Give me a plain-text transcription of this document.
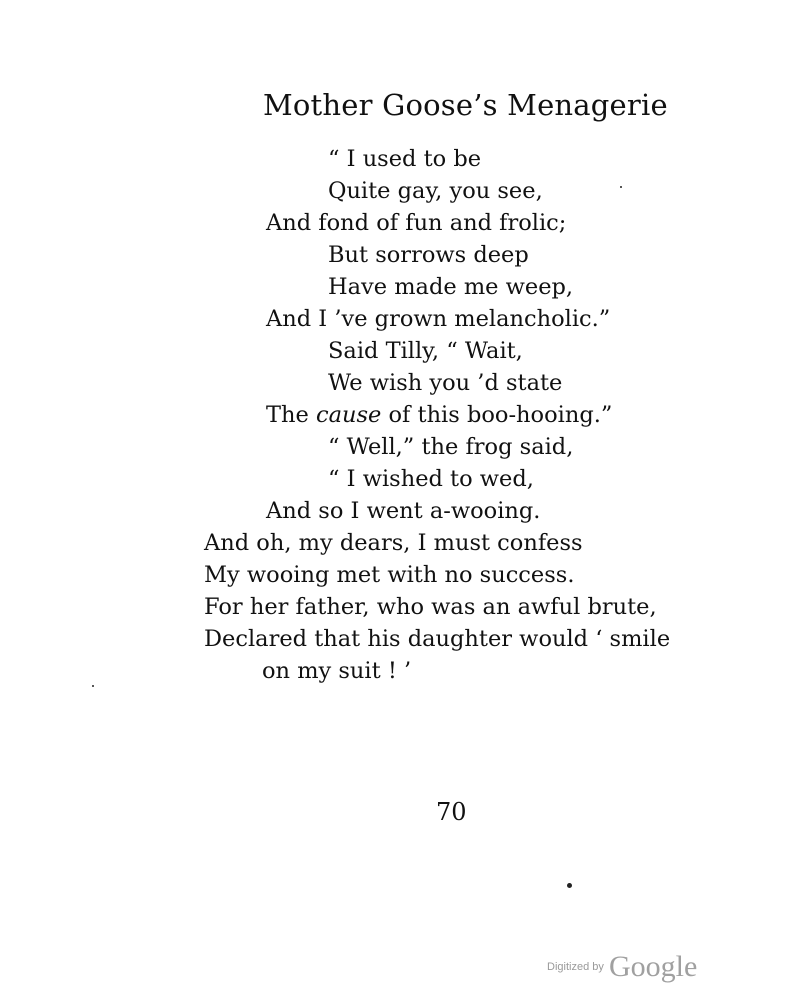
Mother Goose’s Menagerie
“ I used to be
Quite gay, you see,
And fond of fun and frolic;
But sorrows deep
Have made me weep,
And I ’ve grown melancholic.”
Said Tilly, “ Wait,
We wish you ’d state
The cause of this boo-hooing.”
“ Well,” the frog said,
“ I wished to wed,
And so I went a-wooing.
And oh, my dears, I must confess
My wooing met with no success.
For her father, who was an awful brute,
Declared that his daughter would ‘ smile
on my suit ! ’
70
Digitized by Google
